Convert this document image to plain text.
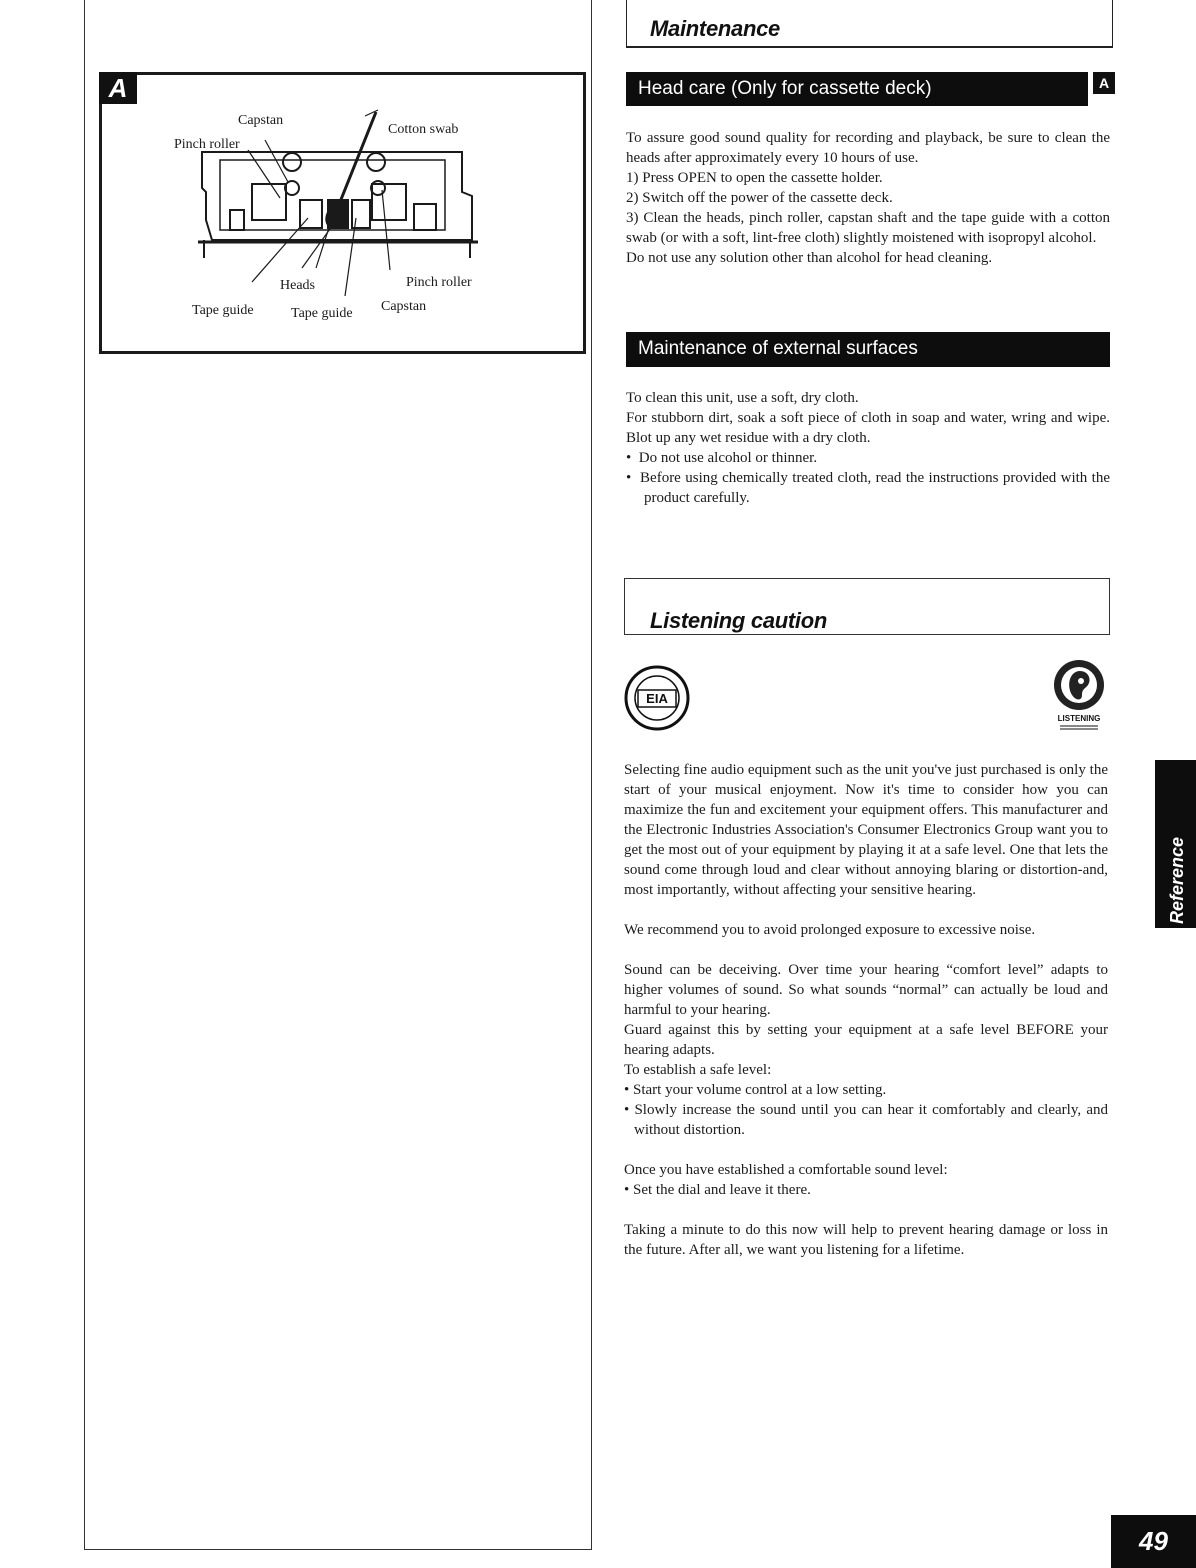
A
Capstan
Pinch roller
Cotton swab
Heads	Pinch roller
Tape guide	Tape guide Capstan
Maintenance
Head care (Only for cassette deck)	A

To assure good sound quality for recording and playback, be sure to clean the heads after approximately every 10 hours of use.

1) Press OPEN to open the cassette holder.

2) Switch off the power of the cassette deck.

3) Clean the heads, pinch roller, capstan shaft and the tape guide with a cotton swab (or with a soft, lint-free cloth) slightly moistened with isopropyl alcohol.

Do not use any solution other than alcohol for head cleaning.

Maintenance of external surfaces

To clean this unit, use a soft, dry cloth.

For stubborn dirt, soak a soft piece of cloth in soap and water, wring and wipe. Blot up any wet residue with a dry cloth.

•  Do not use alcohol or thinner.

•  Before using chemically treated cloth, read the instructions provided with the product carefully.

Listening caution
EIA
LISTENING

Selecting fine audio equipment such as the unit you've just purchased is only the start of your musical enjoyment. Now it's time to consider how you can maximize the fun and excitement your equipment offers. This manufacturer and the Electronic Industries Association's Consumer Electronics Group want you to get the most out of your equipment by playing it at a safe level. One that lets the sound come through loud and clear without annoying blaring or distortion-and, most importantly, without affecting your sensitive hearing.

We recommend you to avoid prolonged exposure to excessive noise.

Sound can be deceiving. Over time your hearing “comfort level” adapts to higher volumes of sound. So what sounds “normal” can actually be loud and harmful to your hearing.

Guard against this by setting your equipment at a safe level BEFORE your hearing adapts.

To establish a safe level:

• Start your volume control at a low setting.

• Slowly increase the sound until you can hear it comfortably and clearly, and without distortion.

Once you have established a comfortable sound level:

• Set the dial and leave it there.

Taking a minute to do this now will help to prevent hearing damage or loss in the future. After all, we want you listening for a lifetime.

Reference
49
